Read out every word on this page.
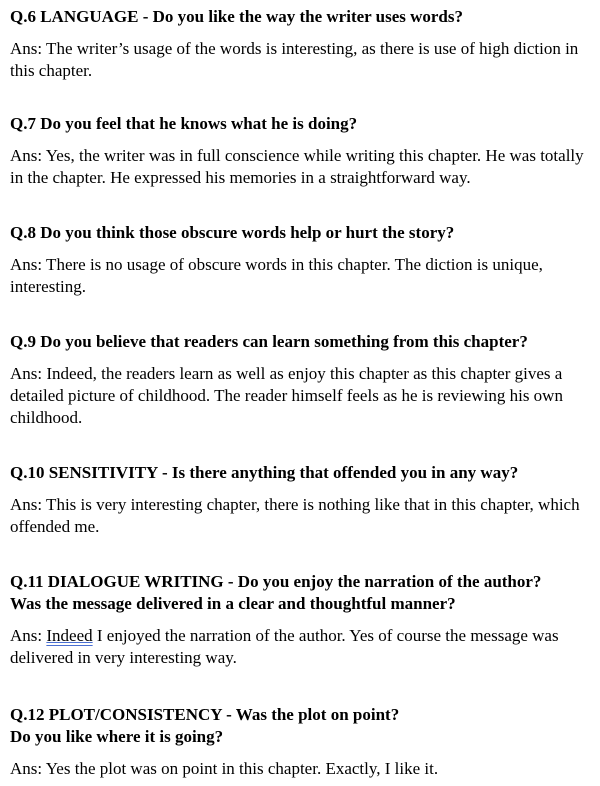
Q.6 LANGUAGE - Do you like the way the writer uses words?

Ans: The writer’s usage of the words is interesting, as there is use of high diction in this chapter.

Q.7 Do you feel that he knows what he is doing?

Ans: Yes, the writer was in full conscience while writing this chapter. He was totally in the chapter. He expressed his memories in a straightforward way.

Q.8 Do you think those obscure words help or hurt the story?

Ans: There is no usage of obscure words in this chapter. The diction is unique, interesting.

Q.9 Do you believe that readers can learn something from this chapter?

Ans: Indeed, the readers learn as well as enjoy this chapter as this chapter gives a detailed picture of childhood. The reader himself feels as he is reviewing his own childhood.

Q.10 SENSITIVITY - Is there anything that offended you in any way?

Ans: This is very interesting chapter, there is nothing like that in this chapter, which offended me.

Q.11 DIALOGUE WRITING - Do you enjoy the narration of the author?

Was the message delivered in a clear and thoughtful manner?

Ans: Indeed I enjoyed the narration of the author. Yes of course the message was delivered in very interesting way.

Q.12 PLOT/CONSISTENCY - Was the plot on point?

Do you like where it is going?

Ans: Yes the plot was on point in this chapter. Exactly, I like it.
